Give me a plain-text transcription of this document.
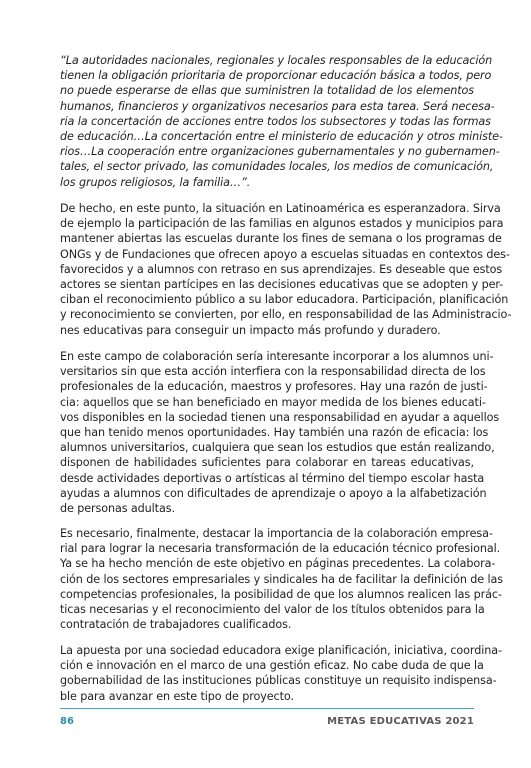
“La autoridades nacionales, regionales y locales responsables de la educación
tienen la obligación prioritaria de proporcionar educación básica a todos, pero
no puede esperarse de ellas que suministren la totalidad de los elementos
humanos, financieros y organizativos necesarios para esta tarea. Será necesa-
ria la concertación de acciones entre todos los subsectores y todas las formas
de educación…La concertación entre el ministerio de educación y otros ministe-
rios…La cooperación entre organizaciones gubernamentales y no gubernamen-
tales, el sector privado, las comunidades locales, los medios de comunicación,
los grupos religiosos, la familia…”.
De hecho, en este punto, la situación en Latinoamérica es esperanzadora. Sirva
de ejemplo la participación de las familias en algunos estados y municipios para
mantener abiertas las escuelas durante los fines de semana o los programas de
ONGs y de Fundaciones que ofrecen apoyo a escuelas situadas en contextos des-
favorecidos y a alumnos con retraso en sus aprendizajes. Es deseable que estos
actores se sientan partícipes en las decisiones educativas que se adopten y per-
ciban el reconocimiento público a su labor educadora. Participación, planificación
y reconocimiento se convierten, por ello, en responsabilidad de las Administracio-
nes educativas para conseguir un impacto más profundo y duradero.
En este campo de colaboración sería interesante incorporar a los alumnos uni-
versitarios sin que esta acción interfiera con la responsabilidad directa de los
profesionales de la educación, maestros y profesores. Hay una razón de justi-
cia: aquellos que se han beneficiado en mayor medida de los bienes educati-
vos disponibles en la sociedad tienen una responsabilidad en ayudar a aquellos
que han tenido menos oportunidades. Hay también una razón de eficacia: los
alumnos universitarios, cualquiera que sean los estudios que están realizando,
disponen de habilidades suficientes para colaborar en tareas educativas,
desde actividades deportivas o artísticas al término del tiempo escolar hasta
ayudas a alumnos con dificultades de aprendizaje o apoyo a la alfabetización
de personas adultas.
Es necesario, finalmente, destacar la importancia de la colaboración empresa-
rial para lograr la necesaria transformación de la educación técnico profesional.
Ya se ha hecho mención de este objetivo en páginas precedentes. La colabora-
ción de los sectores empresariales y sindicales ha de facilitar la definición de las
competencias profesionales, la posibilidad de que los alumnos realicen las prác-
ticas necesarias y el reconocimiento del valor de los títulos obtenidos para la
contratación de trabajadores cualificados.
La apuesta por una sociedad educadora exige planificación, iniciativa, coordina-
ción e innovación en el marco de una gestión eficaz. No cabe duda de que la
gobernabilidad de las instituciones públicas constituye un requisito indispensa-
ble para avanzar en este tipo de proyecto.
86	METAS EDUCATIVAS 2021
